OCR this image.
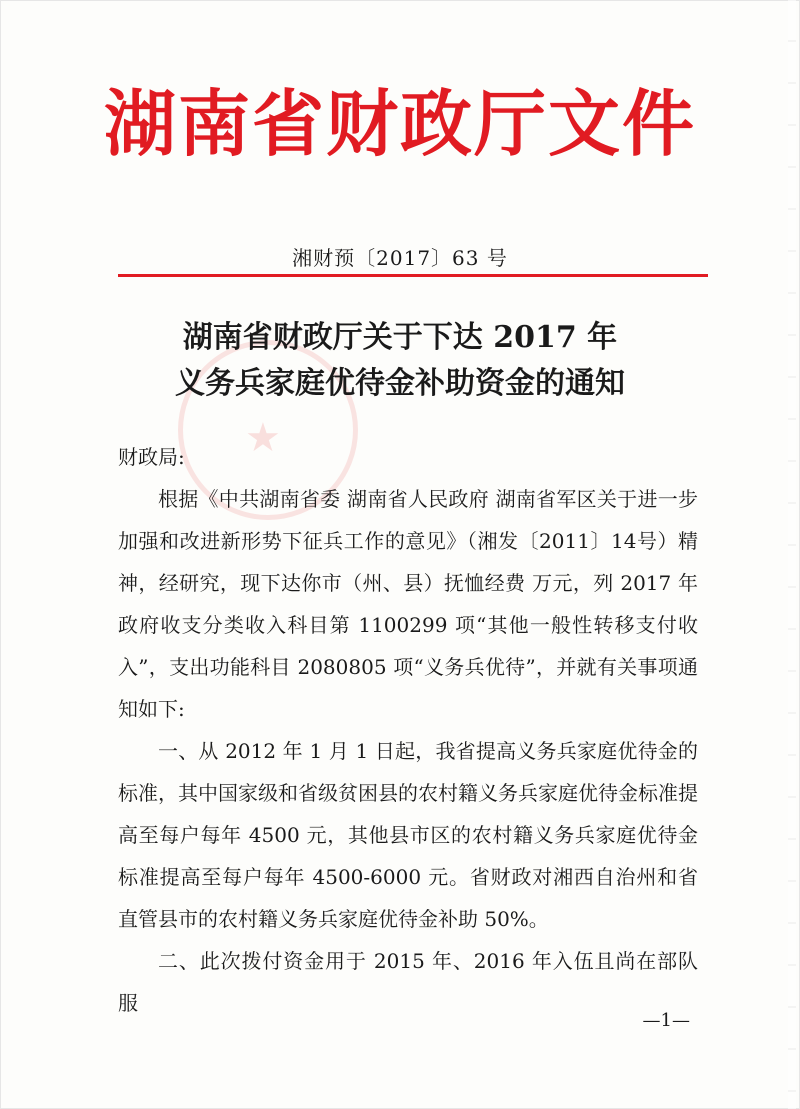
★
湖南省财政厅文件
湘财预〔2017〕63 号
湖南省财政厅关于下达 2017 年
义务兵家庭优待金补助资金的通知

财政局:

根据《中共湖南省委 湖南省人民政府 湖南省军区关于进一步加强和改进新形势下征兵工作的意见》（湘发〔2011〕14号）精神，经研究，现下达你市（州、县）抚恤经费 万元，列 2017 年政府收支分类收入科目第 1100299 项“其他一般性转移支付收入”，支出功能科目 2080805 项“义务兵优待”，并就有关事项通知如下:

一、从 2012 年 1 月 1 日起，我省提高义务兵家庭优待金的标准，其中国家级和省级贫困县的农村籍义务兵家庭优待金标准提高至每户每年 4500 元，其他县市区的农村籍义务兵家庭优待金标准提高至每户每年 4500-6000 元。省财政对湘西自治州和省直管县市的农村籍义务兵家庭优待金补助 50%。

二、此次拨付资金用于 2015 年、2016 年入伍且尚在部队服

—1—
